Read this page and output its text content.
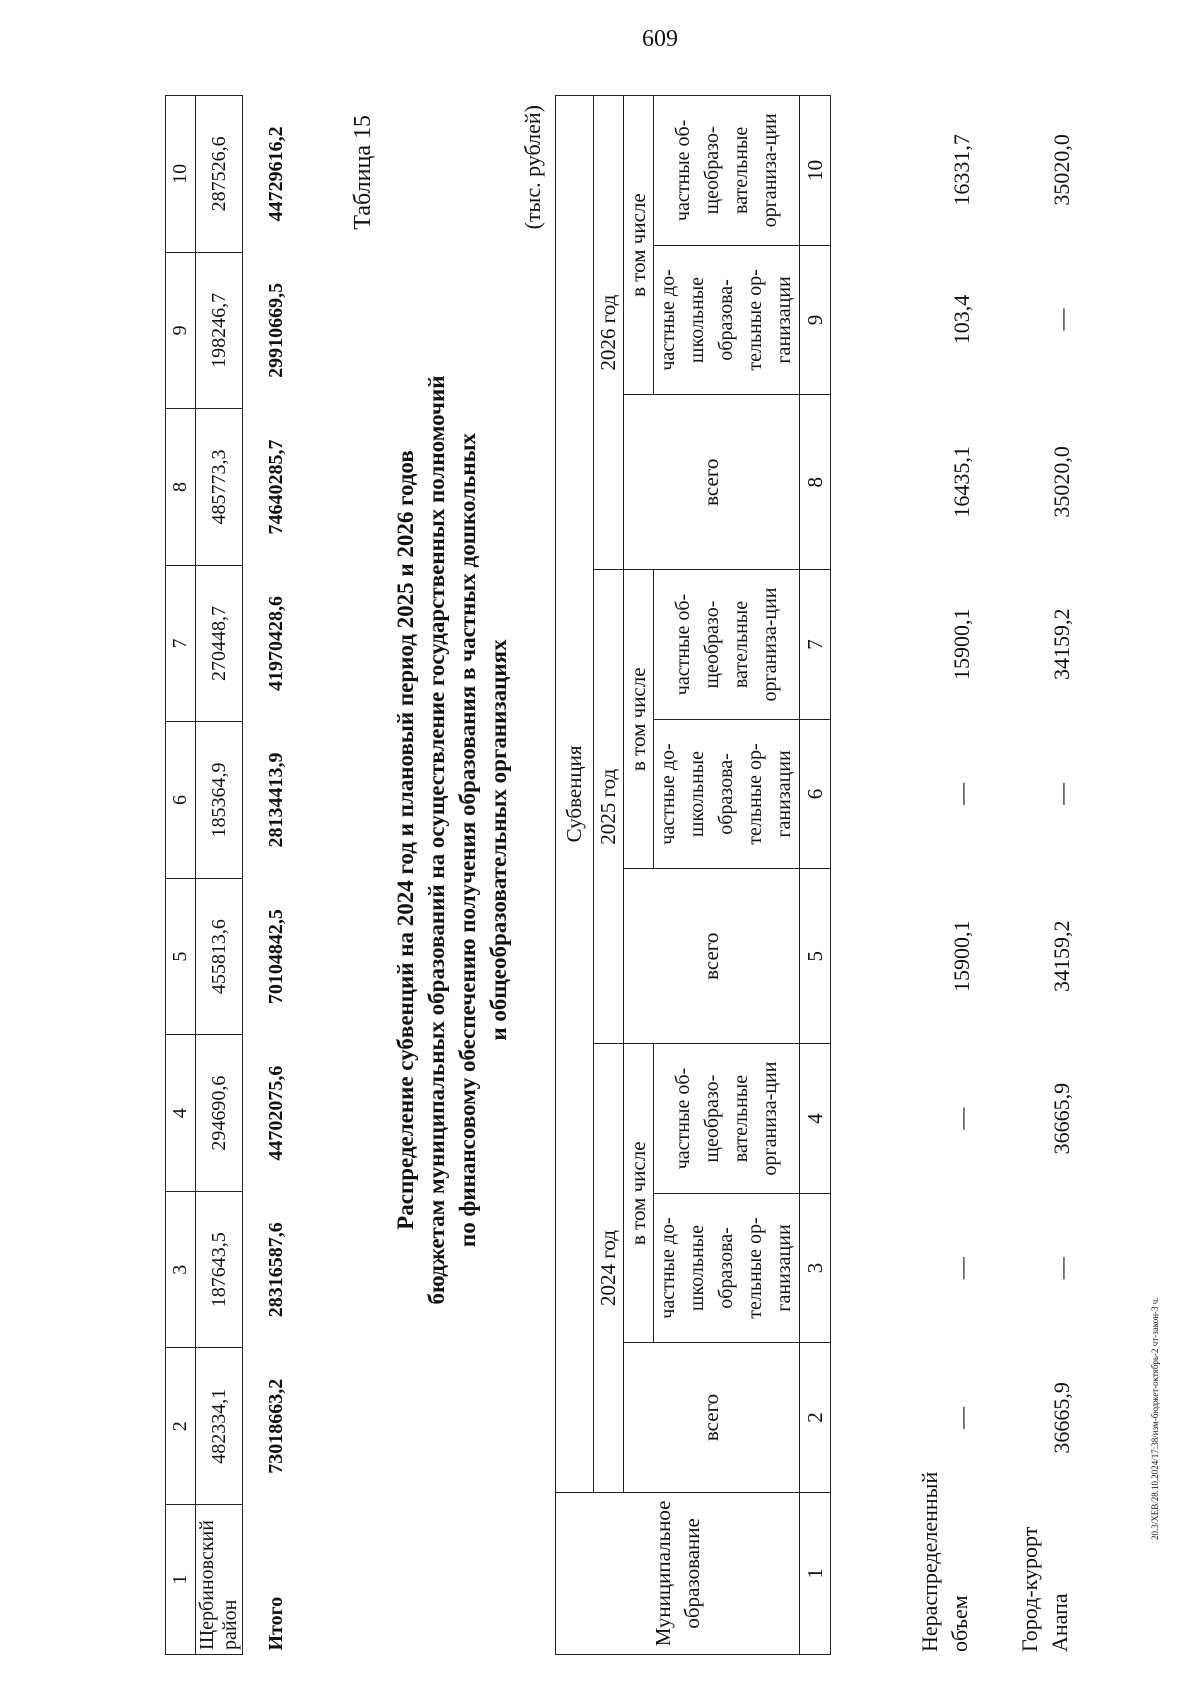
609
20.3/ХЕВ/28.10.2024/17:38/изм-бюджет-октябрь-2 чт-закон-3 ч.
1	2	3	4	5	6	7	8	9	10
Щербиновский район	482334,1	187643,5	294690,6	455813,6	185364,9	270448,7	485773,3	198246,7	287526,6
Итого	73018663,2	28316587,6	44702075,6	70104842,5	28134413,9	41970428,6	74640285,7	29910669,5	44729616,2	Таблица 15
Распределение субвенций на 2024 год и плановый период 2025 и 2026 годов бюджетам муниципальных образований на осуществление государственных полномочий по финансовому обеспечению получения образования в частных дошкольных и общеобразовательных организациях
(тыс. рублей)
Муниципальное образование	Субвенция								
	2024 год			2025 год			2026 год		
	всего	в том числе		всего	в том числе		всего	в том числе	
		частные до-школьные образова-тельные ор-ганизации	частные об-щеобразо-вательные организа-ции		частные до-школьные образова-тельные ор-ганизации	частные об-щеобразо-вательные организа-ции		частные до-школьные образова-тельные ор-ганизации	частные об-щеобразо-вательные организа-ции
1	2	3	4	5	6	7	8	9	10
Нераспределенный объем	—	—	—	15900,1	—	15900,1	16435,1	103,4	16331,7
Город-курорт Анапа	36665,9	—	36665,9	34159,2	—	34159,2	35020,0	—	35020,0
